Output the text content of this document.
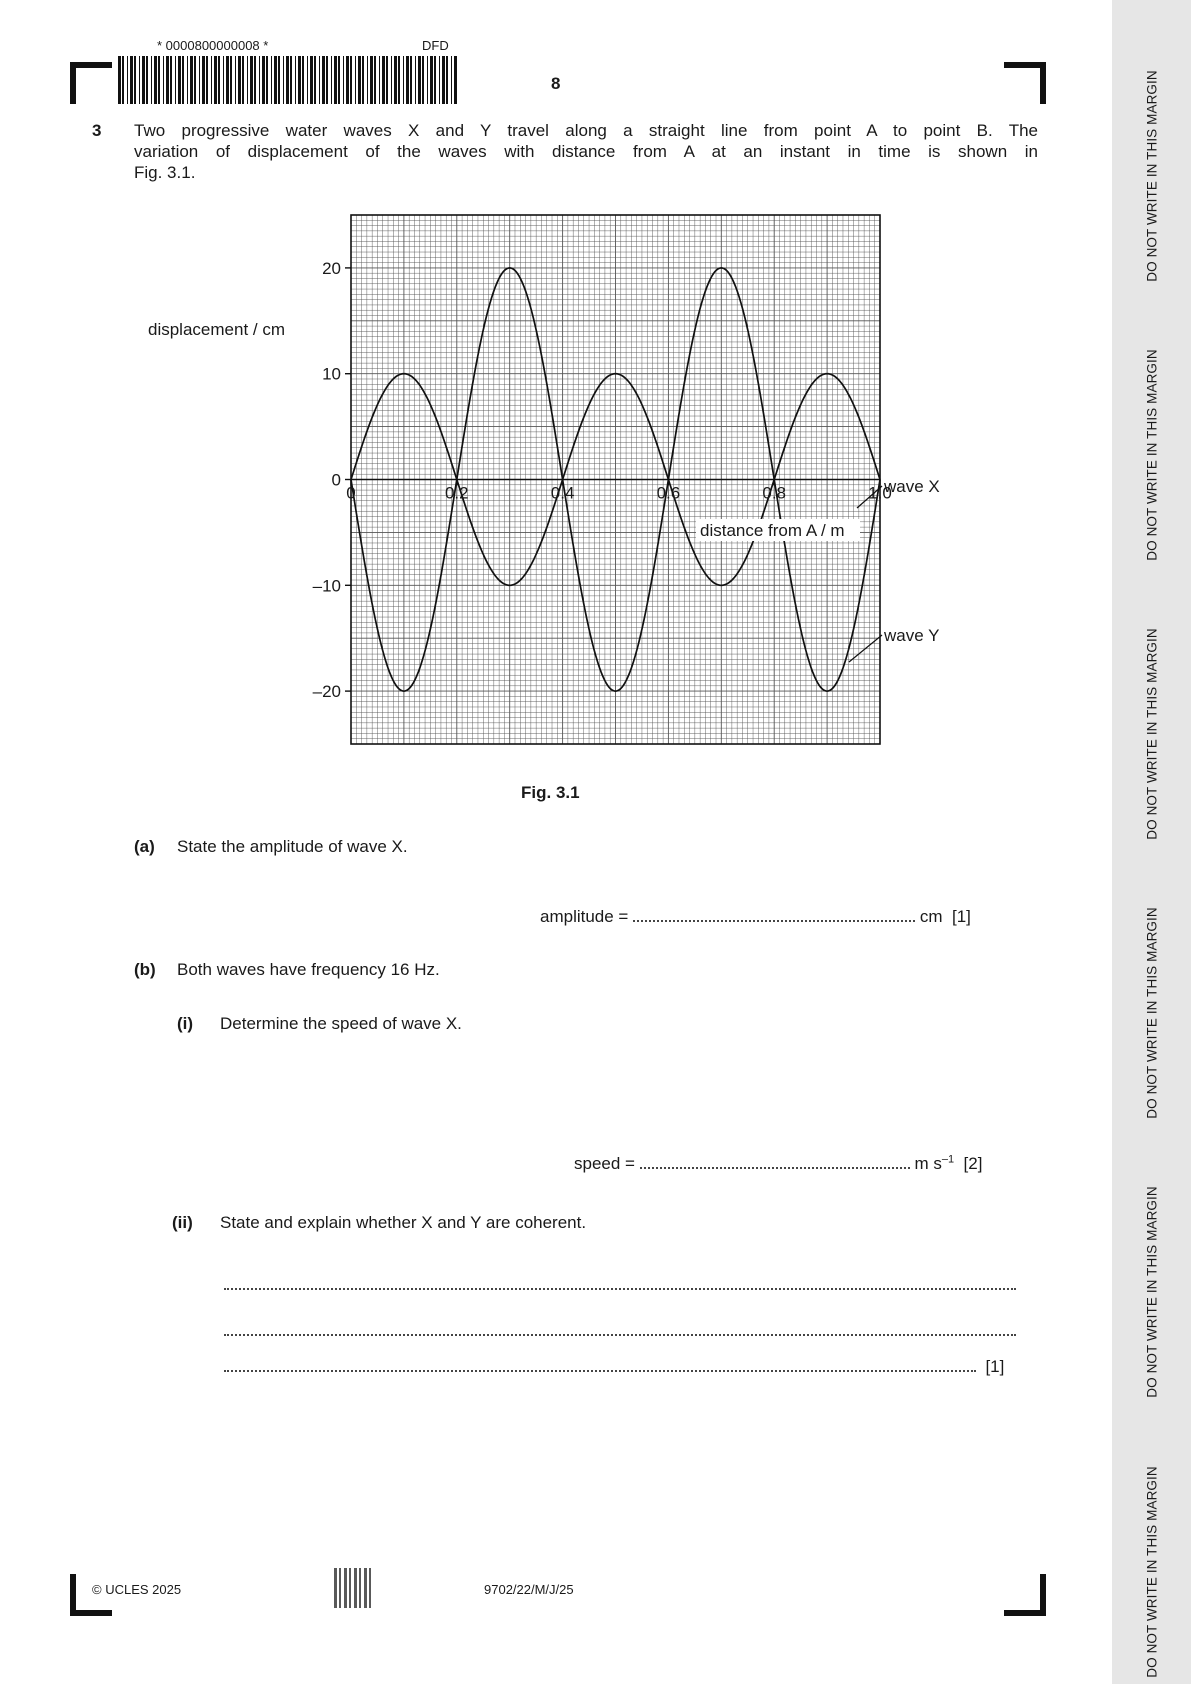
DO NOT WRITE IN THIS MARGIN
DO NOT WRITE IN THIS MARGIN
DO NOT WRITE IN THIS MARGIN
DO NOT WRITE IN THIS MARGIN
DO NOT WRITE IN THIS MARGIN
DO NOT WRITE IN THIS MARGIN
* 0000800000008 *	DFD
8
3 Two progressive water waves X and Y travel along a straight line from point A to point B. The
variation of displacement of the waves with distance from A at an instant in time is shown in
Fig. 3.1.
20
10
0
–10
–20
0	0.2	0.4	0.6	0.8	1.0
displacement / cm
distance from A / m
wave X
wave Y
Fig. 3.1
(a) State the amplitude of wave X.
amplitude =	cm [1]
(b) Both waves have frequency 16 Hz.
(i) Determine the speed of wave X.
speed =	m $s^{-1}$ [2]
(ii) State and explain whether X and Y are coherent.
[1]
© UCLES 2025	9702/22/M/J/25
